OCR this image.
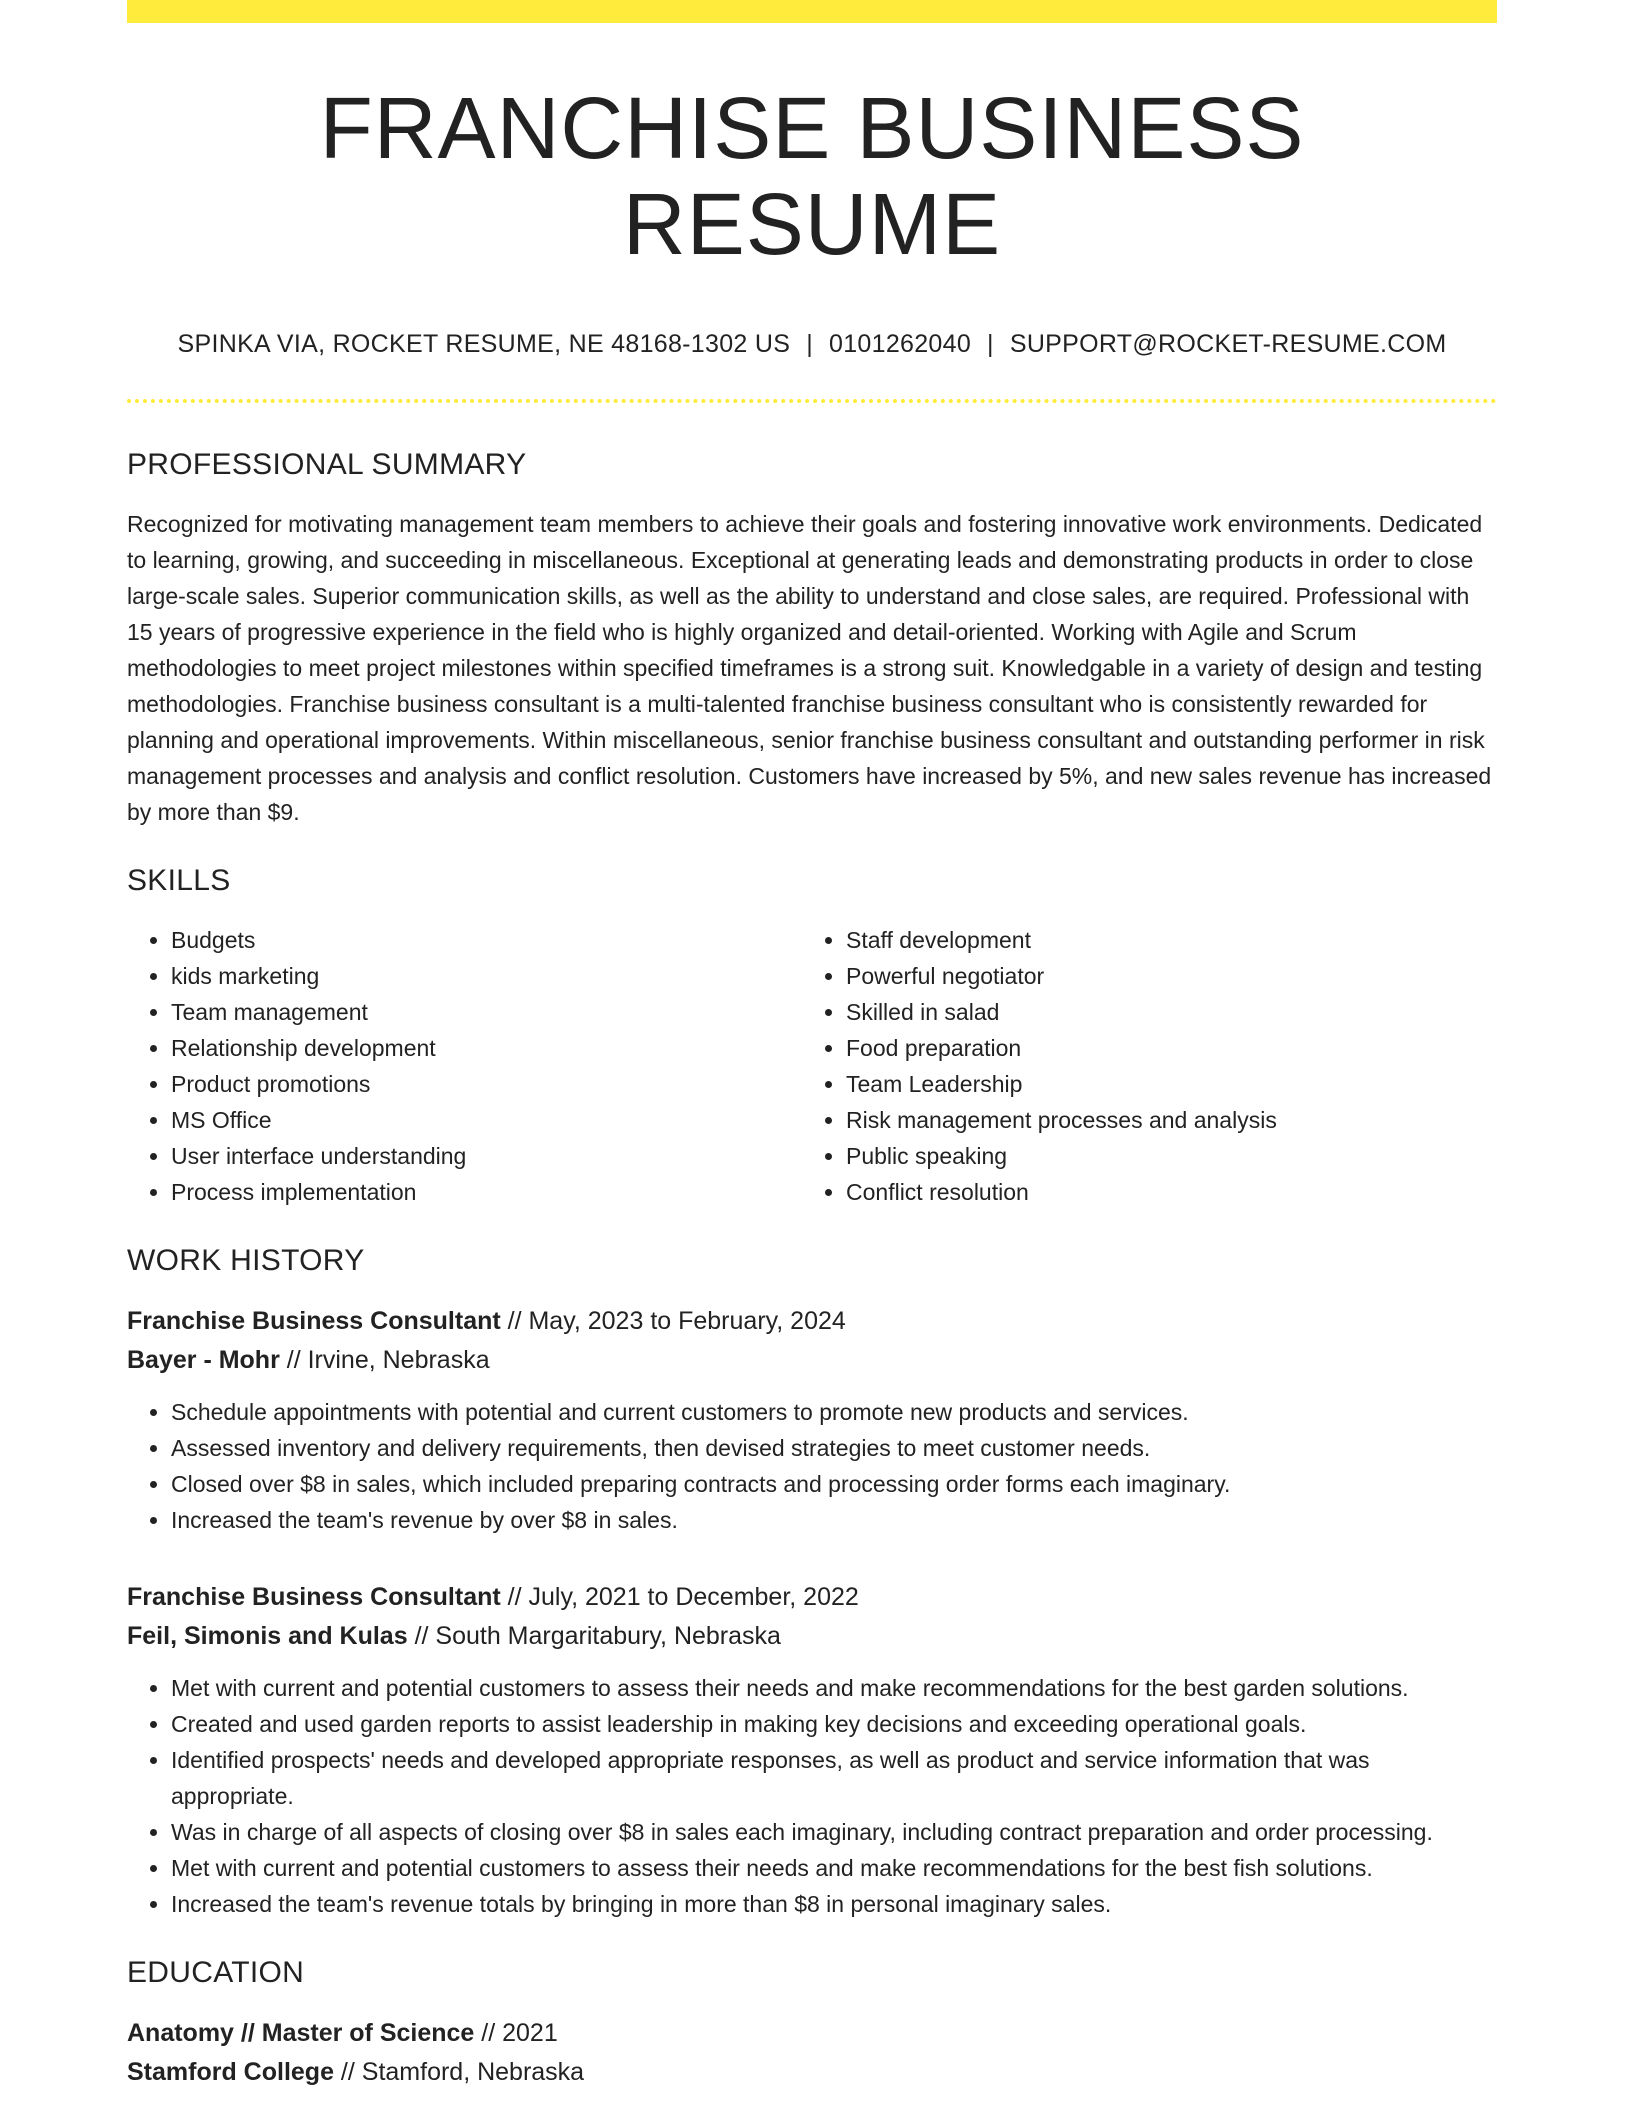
FRANCHISE BUSINESS RESUME
SPINKA VIA, ROCKET RESUME, NE 48168-1302 US | 0101262040 | SUPPORT@ROCKET-RESUME.COM
PROFESSIONAL SUMMARY
Recognized for motivating management team members to achieve their goals and fostering innovative work environments. Dedicated to learning, growing, and succeeding in miscellaneous. Exceptional at generating leads and demonstrating products in order to close large-scale sales. Superior communication skills, as well as the ability to understand and close sales, are required. Professional with 15 years of progressive experience in the field who is highly organized and detail-oriented. Working with Agile and Scrum methodologies to meet project milestones within specified timeframes is a strong suit. Knowledgable in a variety of design and testing methodologies. Franchise business consultant is a multi-talented franchise business consultant who is consistently rewarded for planning and operational improvements. Within miscellaneous, senior franchise business consultant and outstanding performer in risk management processes and analysis and conflict resolution. Customers have increased by 5%, and new sales revenue has increased by more than $9.
SKILLS
• Budgets
• kids marketing
• Team management
• Relationship development
• Product promotions
• MS Office
• User interface understanding
• Process implementation
• Staff development
• Powerful negotiator
• Skilled in salad
• Food preparation
• Team Leadership
• Risk management processes and analysis
• Public speaking
• Conflict resolution
WORK HISTORY
Franchise Business Consultant // May, 2023 to February, 2024
Bayer - Mohr // Irvine, Nebraska
• Schedule appointments with potential and current customers to promote new products and services.
• Assessed inventory and delivery requirements, then devised strategies to meet customer needs.
• Closed over $8 in sales, which included preparing contracts and processing order forms each imaginary.
• Increased the team's revenue by over $8 in sales.
Franchise Business Consultant // July, 2021 to December, 2022
Feil, Simonis and Kulas // South Margaritabury, Nebraska
• Met with current and potential customers to assess their needs and make recommendations for the best garden solutions.
• Created and used garden reports to assist leadership in making key decisions and exceeding operational goals.
• Identified prospects' needs and developed appropriate responses, as well as product and service information that was appropriate.
• Was in charge of all aspects of closing over $8 in sales each imaginary, including contract preparation and order processing.
• Met with current and potential customers to assess their needs and make recommendations for the best fish solutions.
• Increased the team's revenue totals by bringing in more than $8 in personal imaginary sales.
EDUCATION
Anatomy // Master of Science // 2021
Stamford College // Stamford, Nebraska
